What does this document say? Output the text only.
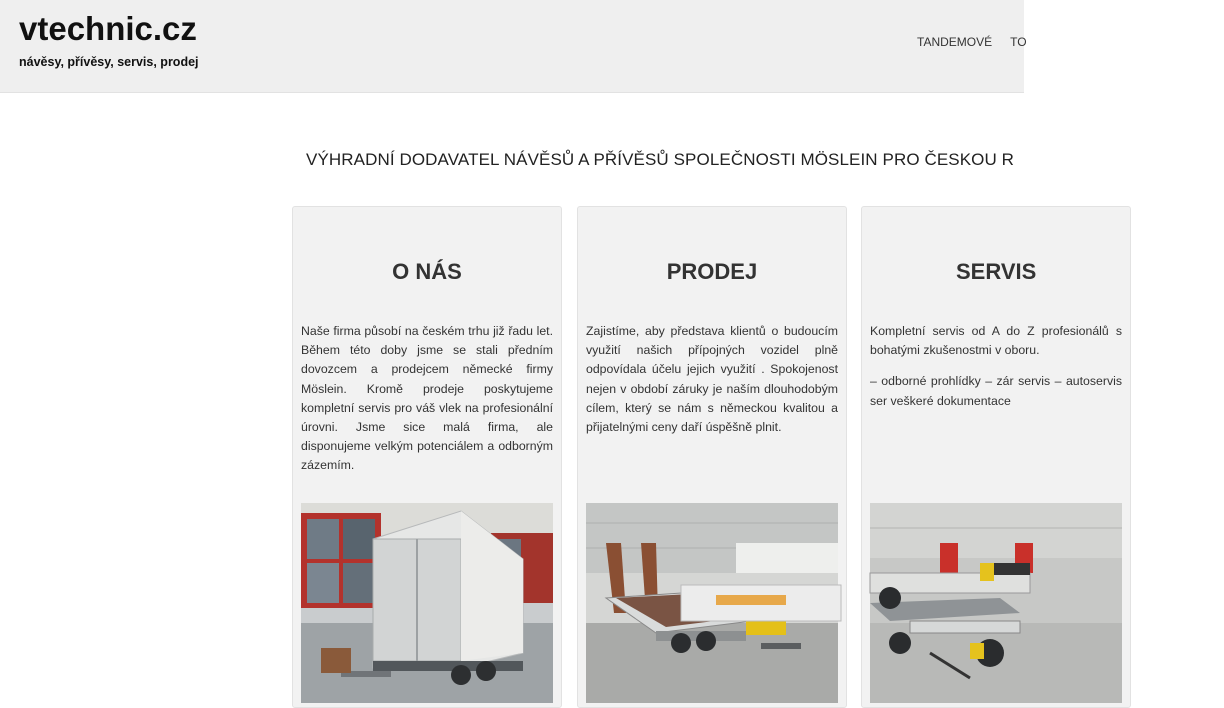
vtechnic.cz
návěsy, přívěsy, servis, prodej
TANDEMOVÉ TO
VÝHRADNÍ DODAVATEL NÁVĚSŮ A PŘÍVĚSŮ SPOLEČNOSTI MÖSLEIN PRO ČESKOU R
O NÁS

Naše firma působí na českém trhu již řadu let. Během této doby jsme se stali předním dovozcem a prodejcem německé firmy Möslein. Kromě prodeje poskytujeme kompletní servis pro váš vlek na profesionální úrovni. Jsme sice malá firma, ale disponujeme velkým potenciálem a odborným zázemím.

PRODEJ

Zajistíme, aby představa klientů o budoucím využití našich přípojných vozidel plně odpovídala účelu jejich využití . Spokojenost nejen v období záruky je naším dlouhodobým cílem, který se nám s německou kvalitou a přijatelnými ceny daří úspěšně plnit.

SERVIS

Kompletní servis od A do Z profesionálů s bohatými zkušenostmi v oboru.

– odborné prohlídky – zár servis – autoservis ser veškeré dokumentace
